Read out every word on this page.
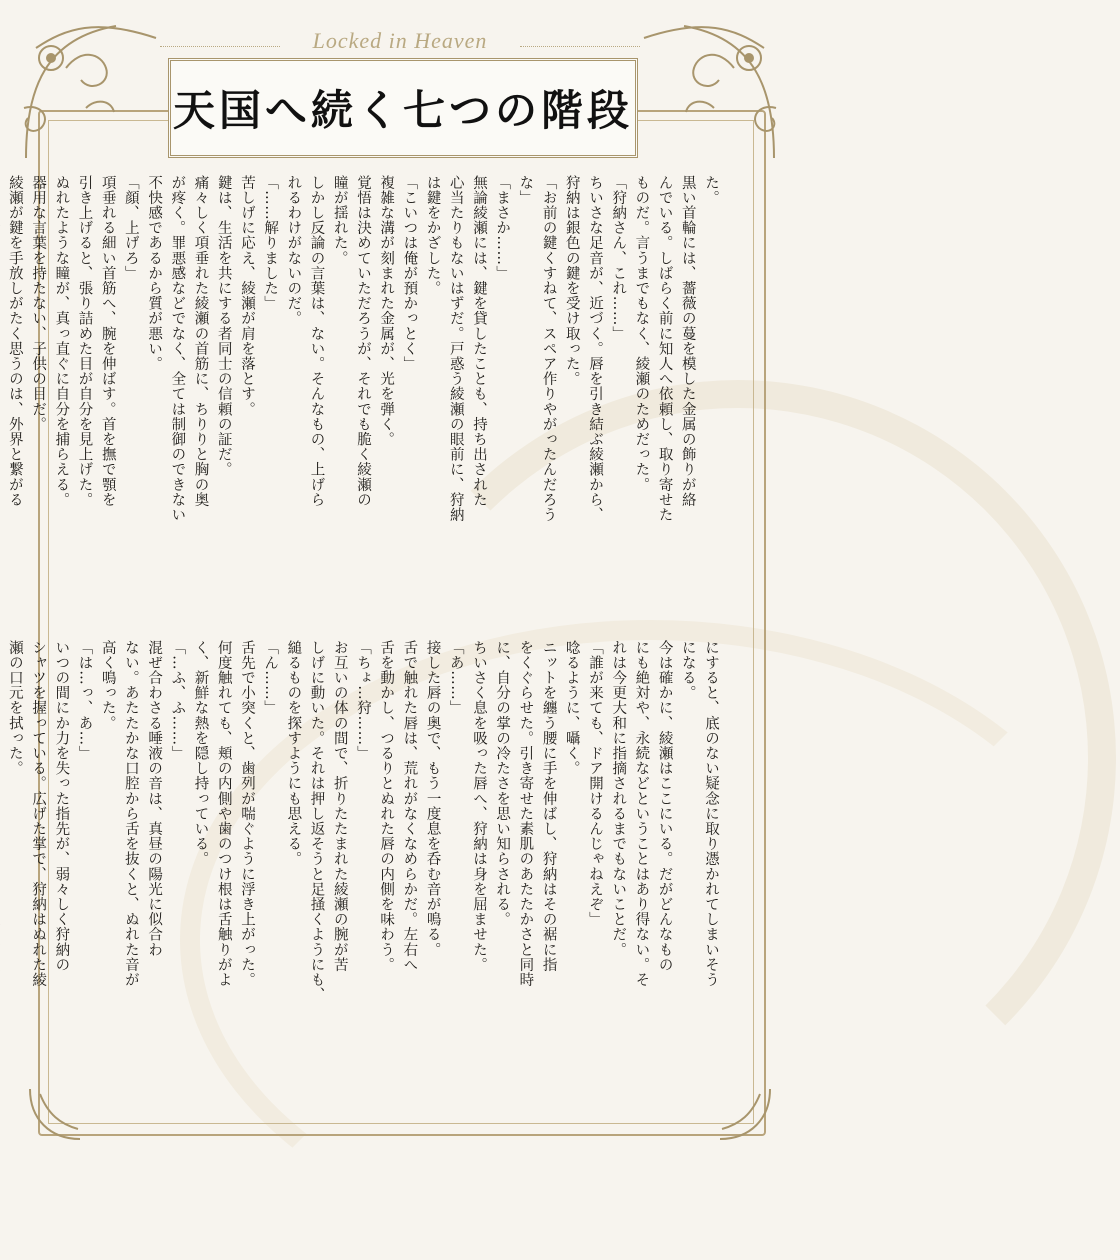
Locked in Heaven
天国へ続く七つの階段

た。

黒い首輪には、薔薇の蔓を模した金属の飾りが絡

んでいる。しばらく前に知人へ依頼し、取り寄せた

ものだ。言うまでもなく、綾瀬のためだった。

「狩納さん、これ……」

ちいさな足音が、近づく。唇を引き結ぶ綾瀬から、

狩納は銀色の鍵を受け取った。

「お前の鍵くすねて、スペア作りやがったんだろう

な」

「まさか……」

無論綾瀬には、鍵を貸したことも、持ち出された

心当たりもないはずだ。戸惑う綾瀬の眼前に、狩納

は鍵をかざした。

「こいつは俺が預かっとく」

複雑な溝が刻まれた金属が、光を弾く。

覚悟は決めていただろうが、それでも脆く綾瀬の

瞳が揺れた。

しかし反論の言葉は、ない。そんなもの、上げら

れるわけがないのだ。

「……解りました」

苦しげに応え、綾瀬が肩を落とす。

鍵は、生活を共にする者同士の信頼の証だ。

痛々しく項垂れた綾瀬の首筋に、ちりりと胸の奥

が疼く。罪悪感などでなく、全ては制御のできない

不快感であるから質が悪い。

「顔、上げろ」

項垂れる細い首筋へ、腕を伸ばす。首を撫で顎を

引き上げると、張り詰めた目が自分を見上げた。

ぬれたような瞳が、真っ直ぐに自分を捕らえる。

器用な言葉を持たない、子供の目だ。

綾瀬が鍵を手放しがたく思うのは、外界と繋がる

にすると、底のない疑念に取り憑かれてしまいそう

になる。

今は確かに、綾瀬はここにいる。だがどんなもの

にも絶対や、永続などということはあり得ない。そ

れは今更大和に指摘されるまでもないことだ。

「誰が来ても、ドア開けるんじゃねえぞ」

唸るように、囁く。

ニットを纏う腰に手を伸ばし、狩納はその裾に指

をくぐらせた。引き寄せた素肌のあたたかさと同時

に、自分の掌の冷たさを思い知らされる。

ちいさく息を吸った唇へ、狩納は身を屈ませた。

「あ……」

接した唇の奥で、もう一度息を呑む音が鳴る。

舌で触れた唇は、荒れがなくなめらかだ。左右へ

舌を動かし、つるりとぬれた唇の内側を味わう。

「ちょ…狩……」

お互いの体の間で、折りたたまれた綾瀬の腕が苦

しげに動いた。それは押し返そうと足掻くようにも、

縋るものを探すようにも思える。

「ん……」

舌先で小突くと、歯列が喘ぐように浮き上がった。

何度触れても、頬の内側や歯のつけ根は舌触りがよ

く、新鮮な熱を隠し持っている。

「…ふ、ふ……」

混ぜ合わさる唾液の音は、真昼の陽光に似合わ

ない。あたたかな口腔から舌を抜くと、ぬれた音が

高く鳴った。

「は…っ、あ…」

いつの間にか力を失った指先が、弱々しく狩納の

シャツを握っている。広げた掌で、狩納はぬれた綾

瀬の口元を拭った。
